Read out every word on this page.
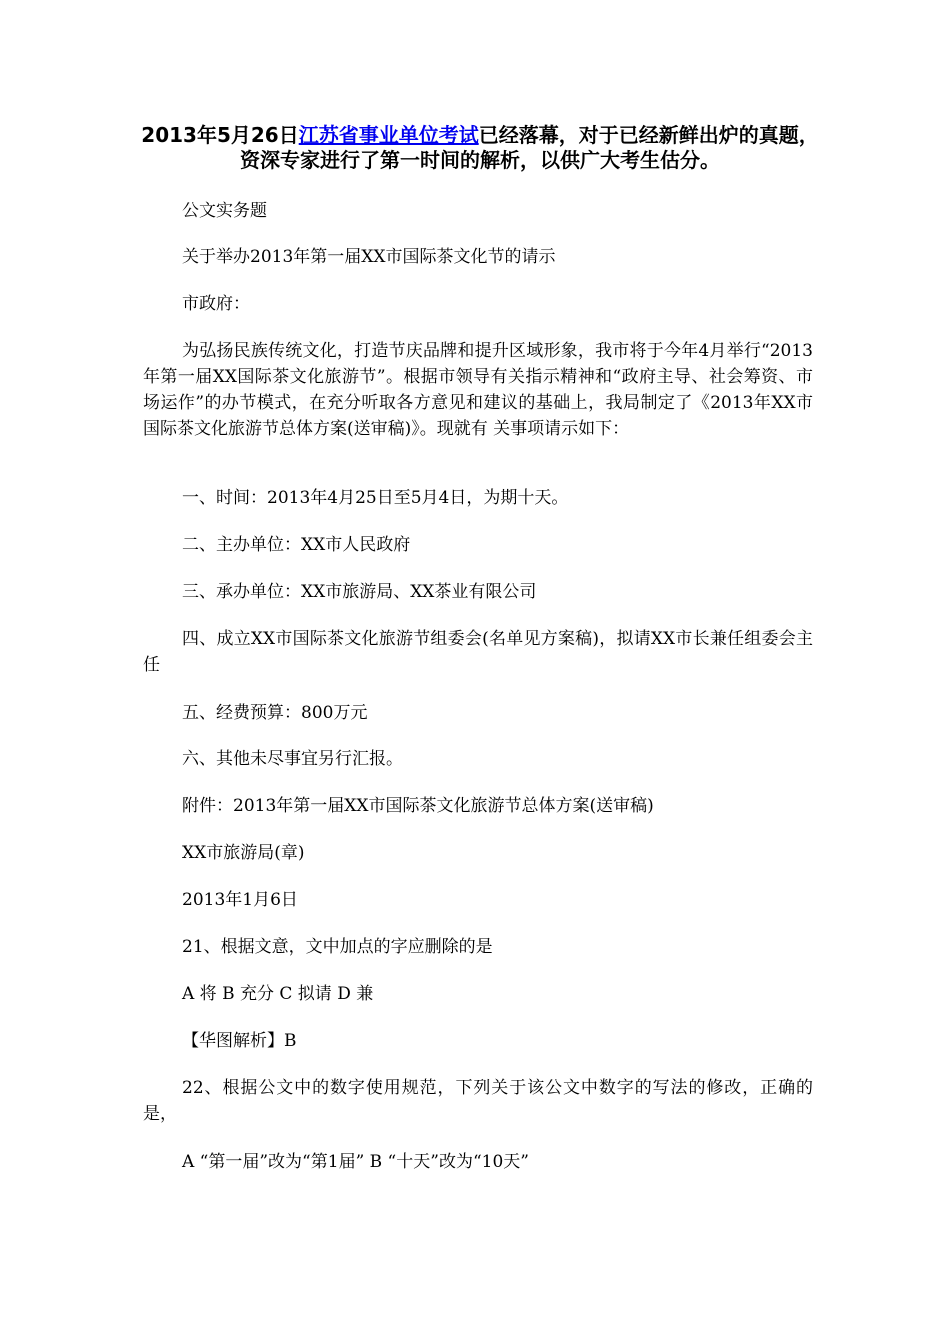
2013年5月26日江苏省事业单位考试已经落幕，对于已经新鲜出炉的真题，资深专家进行了第一时间的解析，以供广大考生估分。

公文实务题

关于举办2013年第一届XX市国际茶文化节的请示

市政府：

为弘扬民族传统文化，打造节庆品牌和提升区域形象，我市将于今年4月举行“2013年第一届XX国际茶文化旅游节”。根据市领导有关指示精神和“政府主导、社会筹资、市场运作”的办节模式，在充分听取各方意见和建议的基础上，我局制定了《2013年XX市国际茶文化旅游节总体方案(送审稿)》。现就有 关事项请示如下：

一、时间：2013年4月25日至5月4日，为期十天。

二、主办单位：XX市人民政府

三、承办单位：XX市旅游局、XX茶业有限公司

四、成立XX市国际茶文化旅游节组委会(名单见方案稿)，拟请XX市长兼任组委会主任

五、经费预算：800万元

六、其他未尽事宜另行汇报。

附件：2013年第一届XX市国际茶文化旅游节总体方案(送审稿)

XX市旅游局(章)

2013年1月6日

21、根据文意，文中加点的字应删除的是

A 将 B 充分 C 拟请 D 兼

【华图解析】B

22、根据公文中的数字使用规范，下列关于该公文中数字的写法的修改，正确的是，

A “第一届”改为“第1届” B “十天”改为“10天”
